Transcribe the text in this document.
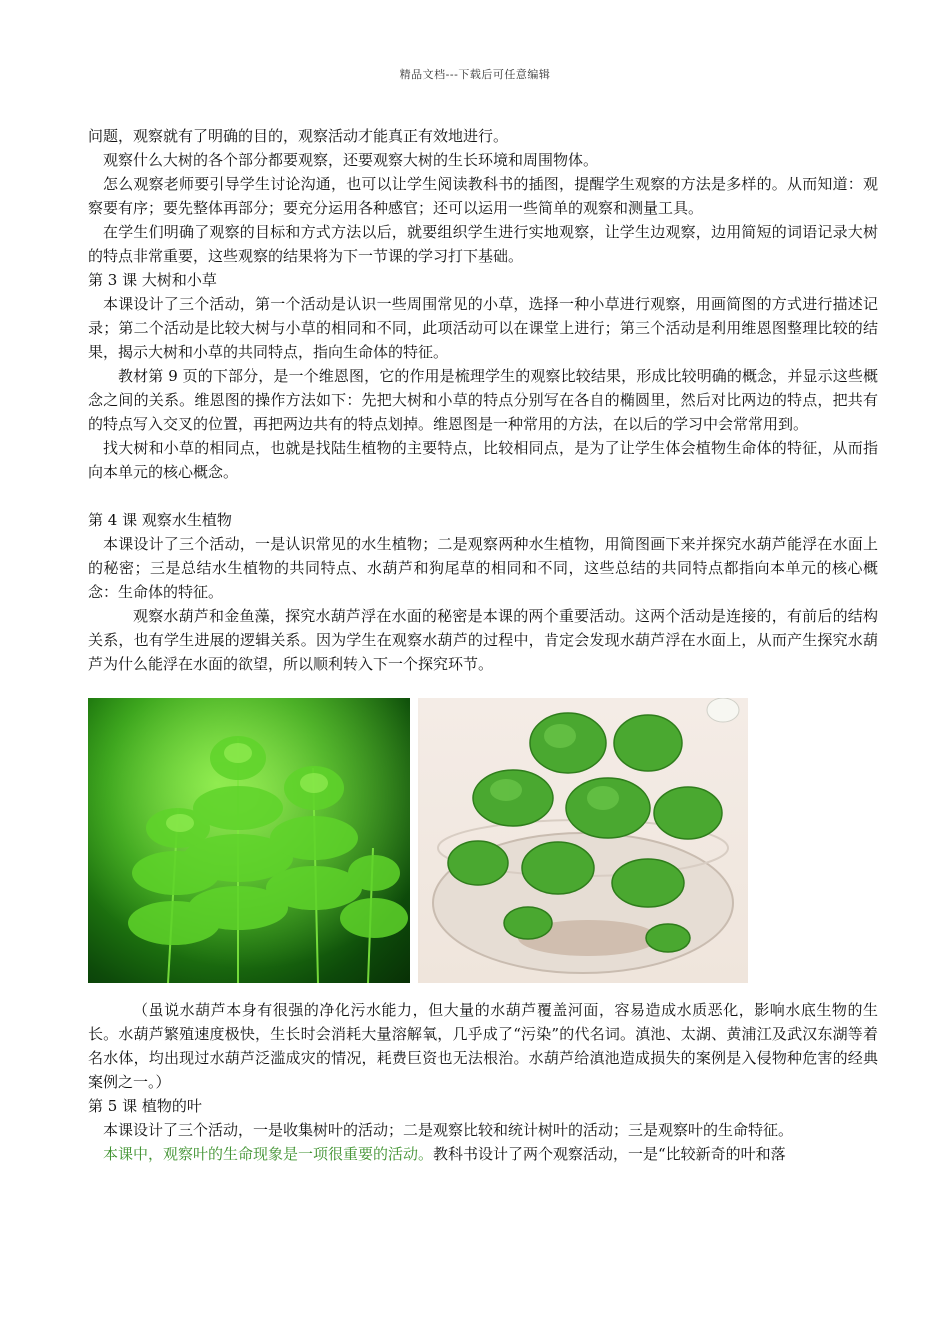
精品文档---下载后可任意编辑

问题，观察就有了明确的目的，观察活动才能真正有效地进行。

观察什么大树的各个部分都要观察，还要观察大树的生长环境和周围物体。

怎么观察老师要引导学生讨论沟通，也可以让学生阅读教科书的插图，提醒学生观察的方法是多样的。从而知道：观察要有序；要先整体再部分；要充分运用各种感官；还可以运用一些简单的观察和测量工具。

在学生们明确了观察的目标和方式方法以后，就要组织学生进行实地观察，让学生边观察，边用简短的词语记录大树的特点非常重要，这些观察的结果将为下一节课的学习打下基础。

第 3 课 大树和小草

本课设计了三个活动，第一个活动是认识一些周围常见的小草，选择一种小草进行观察，用画简图的方式进行描述记录；第二个活动是比较大树与小草的相同和不同，此项活动可以在课堂上进行；第三个活动是利用维恩图整理比较的结果，揭示大树和小草的共同特点，指向生命体的特征。

教材第 9 页的下部分，是一个维恩图，它的作用是梳理学生的观察比较结果，形成比较明确的概念，并显示这些概念之间的关系。维恩图的操作方法如下：先把大树和小草的特点分别写在各自的椭圆里，然后对比两边的特点，把共有的特点写入交叉的位置，再把两边共有的特点划掉。维恩图是一种常用的方法，在以后的学习中会常常用到。

找大树和小草的相同点，也就是找陆生植物的主要特点，比较相同点，是为了让学生体会植物生命体的特征，从而指向本单元的核心概念。

第 4 课 观察水生植物

本课设计了三个活动，一是认识常见的水生植物；二是观察两种水生植物，用简图画下来并探究水葫芦能浮在水面上的秘密；三是总结水生植物的共同特点、水葫芦和狗尾草的相同和不同，这些总结的共同特点都指向本单元的核心概念：生命体的特征。

观察水葫芦和金鱼藻，探究水葫芦浮在水面的秘密是本课的两个重要活动。这两个活动是连接的，有前后的结构关系，也有学生进展的逻辑关系。因为学生在观察水葫芦的过程中，肯定会发现水葫芦浮在水面上，从而产生探究水葫芦为什么能浮在水面的欲望，所以顺利转入下一个探究环节。

（虽说水葫芦本身有很强的净化污水能力，但大量的水葫芦覆盖河面，容易造成水质恶化，影响水底生物的生长。水葫芦繁殖速度极快，生长时会消耗大量溶解氧，几乎成了“污染”的代名词。滇池、太湖、黄浦江及武汉东湖等着名水体，均出现过水葫芦泛滥成灾的情况，耗费巨资也无法根治。水葫芦给滇池造成损失的案例是入侵物种危害的经典案例之一。）

第 5 课 植物的叶

本课设计了三个活动，一是收集树叶的活动；二是观察比较和统计树叶的活动；三是观察叶的生命特征。

本课中，观察叶的生命现象是一项很重要的活动。教科书设计了两个观察活动，一是“比较新奇的叶和落
